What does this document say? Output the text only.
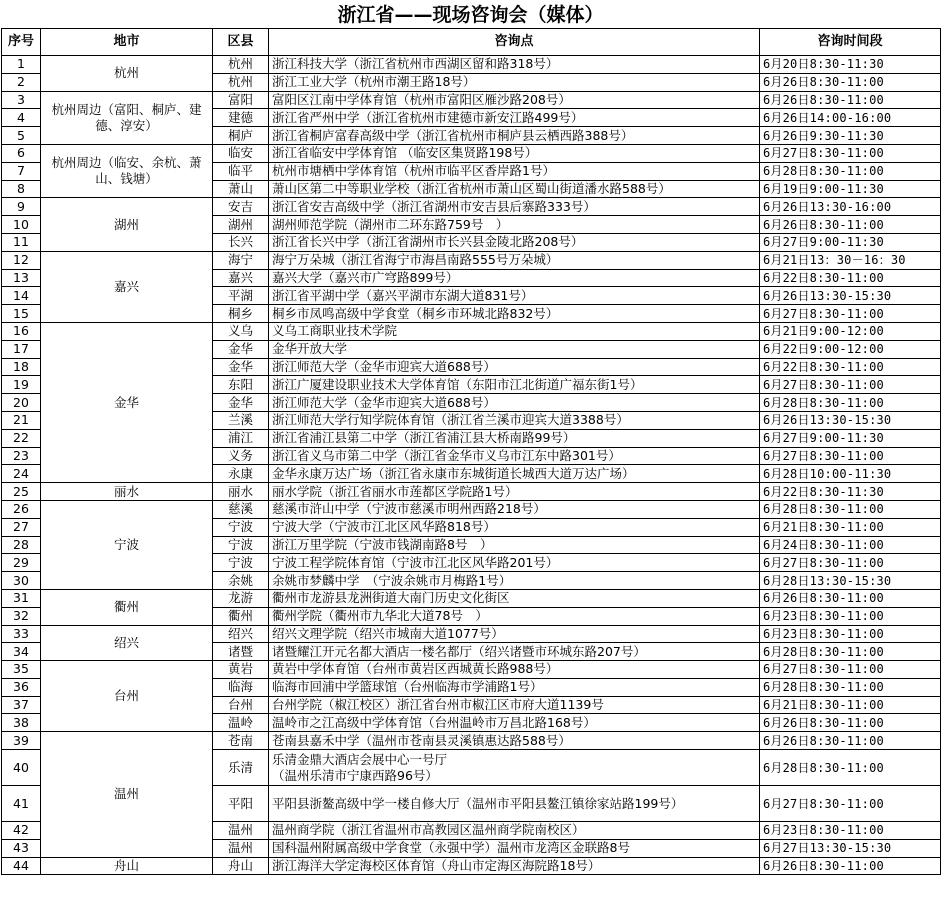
浙江省——现场咨询会（媒体）
序号	地市	区县	咨询点	咨询时间段
1	杭州	杭州	浙江科技大学（浙江省杭州市西湖区留和路318号）	6月20日8:30-11:30
2		杭州	浙江工业大学（杭州市潮王路18号）	6月26日8:30-11:00
3	杭州周边（富阳、桐庐、建德、淳安）	富阳	富阳区江南中学体育馆（杭州市富阳区雁沙路208号）	6月26日8:30-11:00
4		建德	浙江省严州中学（浙江省杭州市建德市新安江路499号）	6月26日14:00-16:00
5		桐庐	浙江省桐庐富春高级中学（浙江省杭州市桐庐县云栖西路388号）	6月26日9:30-11:30
6	杭州周边（临安、余杭、萧山、钱塘）	临安	浙江省临安中学体育馆 （临安区集贤路198号）	6月27日8:30-11:00
7		临平	杭州市塘栖中学体育馆（杭州市临平区香岸路1号）	6月28日8:30-11:00
8		萧山	萧山区第二中等职业学校（浙江省杭州市萧山区蜀山街道潘水路588号）	6月19日9:00-11:30
9	湖州	安吉	浙江省安吉高级中学（浙江省湖州市安吉县后寨路333号）	6月26日13:30-16:00
10		湖州	湖州师范学院（湖州市二环东路759号　）	6月26日8:30-11:00
11		长兴	浙江省长兴中学（浙江省湖州市长兴县金陵北路208号）	6月27日9:00-11:30
12	嘉兴	海宁	海宁万朵城（浙江省海宁市海昌南路555号万朵城）	6月21日13：30－16：30
13		嘉兴	嘉兴大学（嘉兴市广穹路899号）	6月22日8:30-11:00
14		平湖	浙江省平湖中学（嘉兴平湖市东湖大道831号）	6月26日13:30-15:30
15		桐乡	桐乡市凤鸣高级中学食堂（桐乡市环城北路832号）	6月27日8:30-11:00
16	金华	义乌	义乌工商职业技术学院	6月21日9:00-12:00
17		金华	金华开放大学	6月22日9:00-12:00
18		金华	浙江师范大学（金华市迎宾大道688号）	6月22日8:30-11:00
19		东阳	浙江广厦建设职业技术大学体育馆（东阳市江北街道广福东街1号）	6月27日8:30-11:00
20		金华	浙江师范大学（金华市迎宾大道688号）	6月28日8:30-11:00
21		兰溪	浙江师范大学行知学院体育馆（浙江省兰溪市迎宾大道3388号）	6月26日13:30-15:30
22		浦江	浙江省浦江县第二中学（浙江省浦江县大桥南路99号）	6月27日9:00-11:30
23		义务	浙江省义乌市第二中学（浙江省金华市义乌市江东中路301号）	6月27日8:30-11:00
24		永康	金华永康万达广场（浙江省永康市东城街道长城西大道万达广场）	6月28日10:00-11:30
25	丽水	丽水	丽水学院（浙江省丽水市莲都区学院路1号）	6月22日8:30-11:30
26	宁波	慈溪	慈溪市浒山中学（宁波市慈溪市明州西路218号）	6月28日8:30-11:00
27		宁波	宁波大学（宁波市江北区风华路818号）	6月21日8:30-11:00
28		宁波	浙江万里学院（宁波市钱湖南路8号　）	6月24日8:30-11:00
29		宁波	宁波工程学院体育馆（宁波市江北区风华路201号）	6月27日8:30-11:00
30		余姚	余姚市梦麟中学　（宁波余姚市月梅路1号）	6月28日13:30-15:30
31	衢州	龙游	衢州市龙游县龙洲街道大南门历史文化街区	6月26日8:30-11:00
32		衢州	衢州学院（衢州市九华北大道78号　）	6月23日8:30-11:00
33	绍兴	绍兴	绍兴文理学院（绍兴市城南大道1077号）	6月23日8:30-11:00
34		诸暨	诸暨耀江开元名都大酒店一楼名都厅（绍兴诸暨市环城东路207号）	6月28日8:30-11:00
35	台州	黄岩	黄岩中学体育馆（台州市黄岩区西城黄长路988号）	6月27日8:30-11:00
36		临海	临海市回浦中学篮球馆（台州临海市学浦路1号）	6月28日8:30-11:00
37		台州	台州学院（椒江校区）浙江省台州市椒江区市府大道1139号	6月21日8:30-11:00
38		温岭	温岭市之江高级中学体育馆（台州温岭市万昌北路168号）	6月26日8:30-11:00
39	温州	苍南	苍南县嘉禾中学（温州市苍南县灵溪镇惠达路588号）	6月26日8:30-11:00
40		乐清	乐清金鼎大酒店会展中心一号厅
（温州乐清市宁康西路96号）	6月28日8:30-11:00
41		平阳	平阳县浙鳌高级中学一楼自修大厅（温州市平阳县鳌江镇徐家站路199号）	6月27日8:30-11:00
42		温州	温州商学院（浙江省温州市高教园区温州商学院南校区）	6月23日8:30-11:00
43		温州	国科温州附属高级中学食堂（永强中学）温州市龙湾区金联路8号	6月27日13:30-15:30
44	舟山	舟山	浙江海洋大学定海校区体育馆（舟山市定海区海院路18号）	6月26日8:30-11:00
